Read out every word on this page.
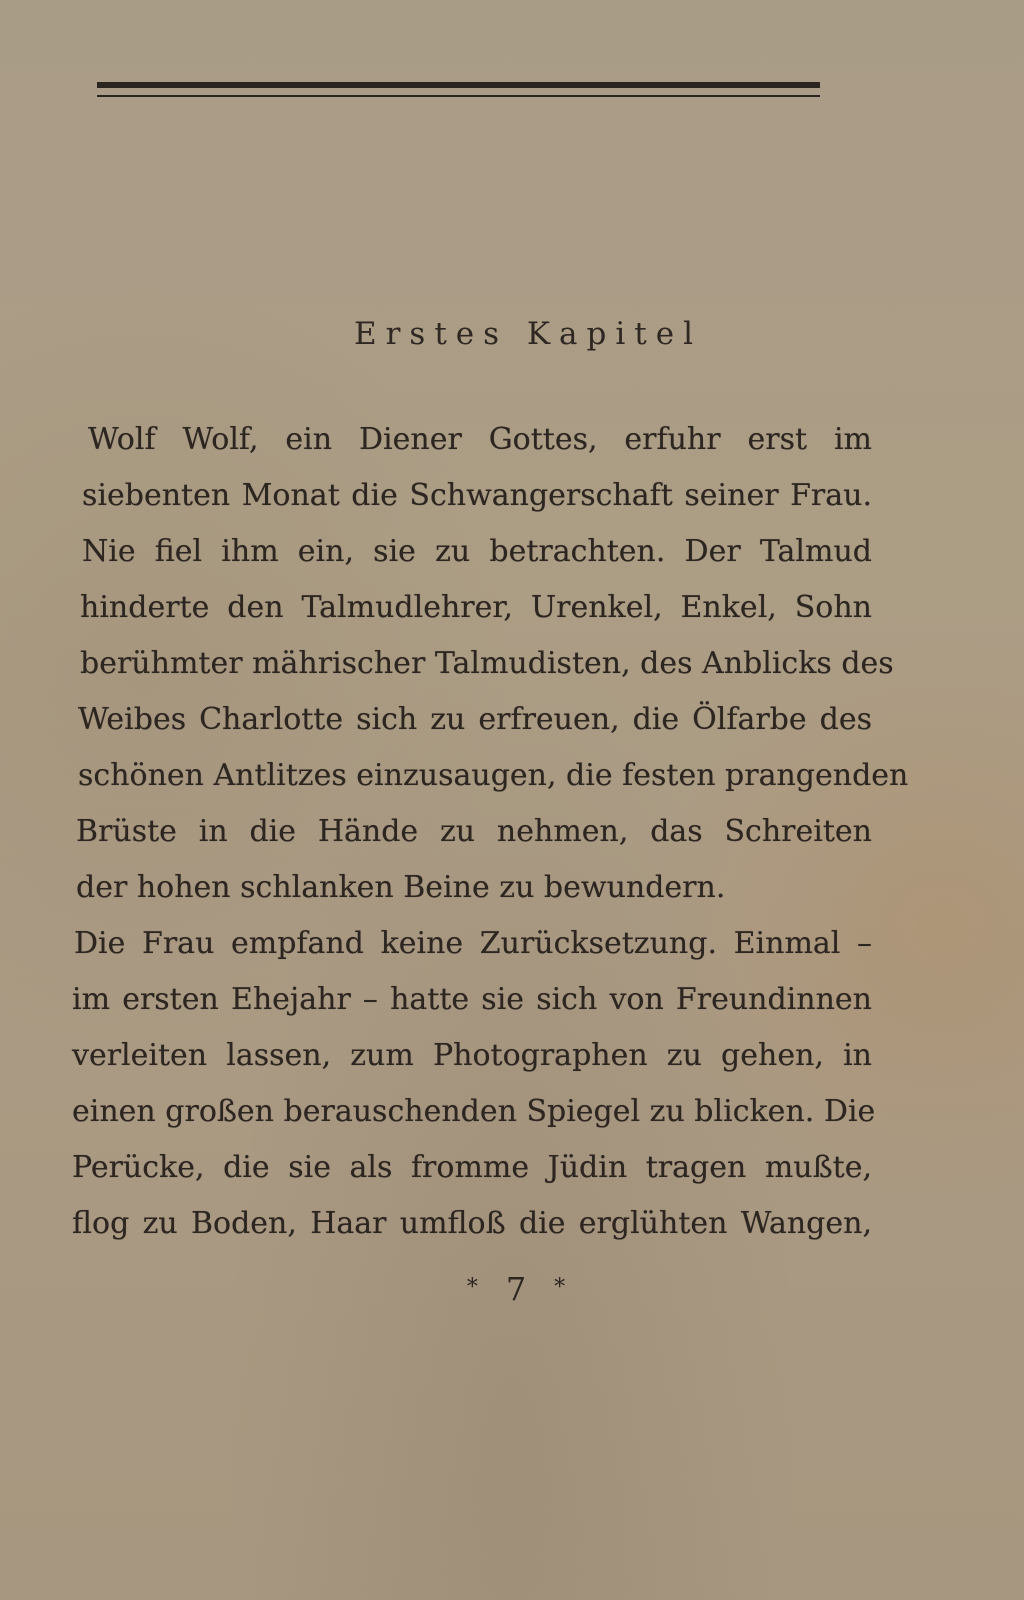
Erstes Kapitel
Wolf Wolf, ein Diener Gottes, erfuhr erst im
siebenten Monat die Schwangerschaft seiner Frau.
Nie fiel ihm ein, sie zu betrachten. Der Talmud
hinderte den Talmudlehrer, Urenkel, Enkel, Sohn
berühmter mährischer Talmudisten, des Anblicks des
Weibes Charlotte sich zu erfreuen, die Ölfarbe des
schönen Antlitzes einzusaugen, die festen prangenden
Brüste in die Hände zu nehmen, das Schreiten
der hohen schlanken Beine zu bewundern.
Die Frau empfand keine Zurücksetzung. Einmal –
im ersten Ehejahr – hatte sie sich von Freundinnen
verleiten lassen, zum Photographen zu gehen, in
einen großen berauschenden Spiegel zu blicken. Die
Perücke, die sie als fromme Jüdin tragen mußte,
flog zu Boden, Haar umfloß die erglühten Wangen,
* 7 *
